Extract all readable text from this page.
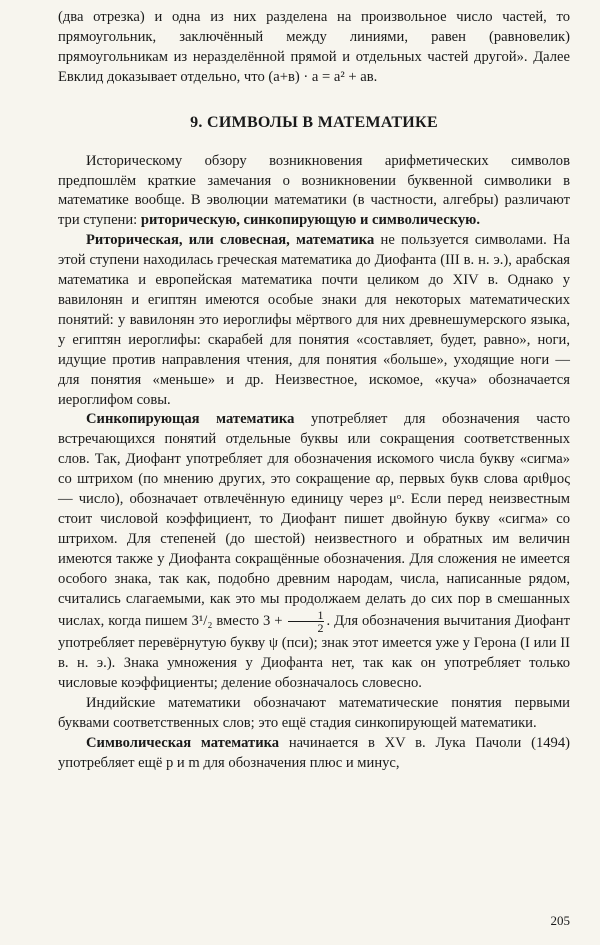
(два отрезка) и одна из них разделена на произвольное число частей, то прямоугольник, заключённый между линиями, равен (равновелик) прямоугольникам из неразделённой прямой и отдельных частей другой». Далее Евклид доказывает отдельно, что (a+в) · a = a² + aв.

9. СИМВОЛЫ В МАТЕМАТИКЕ

Историческому обзору возникновения арифметических символов предпошлём краткие замечания о возникновении буквенной символики в математике вообще. В эволюции математики (в частности, алгебры) различают три ступени: риторическую, синкопирующую и символическую.

Риторическая, или словесная, математика не пользуется символами. На этой ступени находилась греческая математика до Диофанта (III в. н. э.), арабская математика и европейская математика почти целиком до XIV в. Однако у вавилонян и египтян имеются особые знаки для некоторых математических понятий: у вавилонян это иероглифы мёртвого для них древнешумерского языка, у египтян иероглифы: скарабей для понятия «составляет, будет, равно», ноги, идущие против направления чтения, для понятия «больше», уходящие ноги — для понятия «меньше» и др. Неизвестное, искомое, «куча» обозначается иероглифом совы.

Синкопирующая математика употребляет для обозначения часто встречающихся понятий отдельные буквы или сокращения соответственных слов. Так, Диофант употребляет для обозначения искомого числа букву «сигма» со штрихом (по мнению других, это сокращение αρ, первых букв слова αριθμος — число), обозначает отвлечённую единицу через μᵒ. Если перед неизвестным стоит числовой коэффициент, то Диофант пишет двойную букву «сигма» со штрихом. Для степеней (до шестой) неизвестного и обратных им величин имеются также у Диофанта сокращённые обозначения. Для сложения не имеется особого знака, так как, подобно древним народам, числа, написанные рядом, считались слагаемыми, как это мы продолжаем делать до сих пор в смешанных числах, когда пишем 3¹/₂ вместо $3 + \frac{1}{2}$ . Для обозначения вычитания Диофант употребляет перевёрнутую букву ψ (пси); знак этот имеется уже у Герона (I или II в. н. э.). Знака умножения у Диофанта нет, так как он употребляет только числовые коэффициенты; деление обозначалось словесно.

Индийские математики обозначают математические понятия первыми буквами соответственных слов; это ещё стадия синкопирующей математики.

Символическая математика начинается в XV в. Лука Пачоли (1494) употребляет ещё p и m для обозначения плюс и минус,

205
